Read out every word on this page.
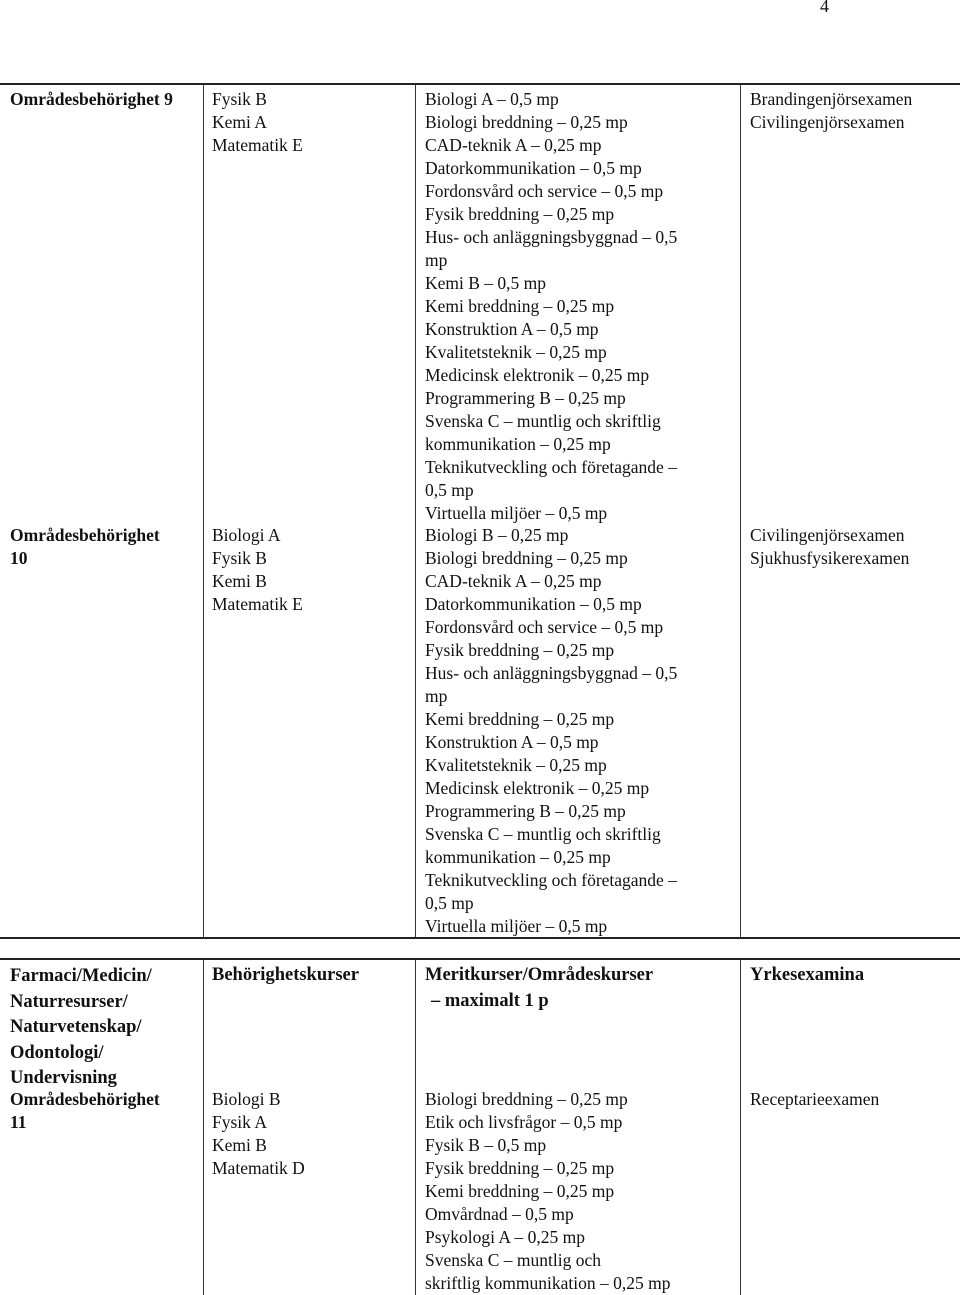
4
Områdesbehörighet 9	Fysik B
Kemi A
Matematik E
Biologi A – 0,5 mp
Biologi breddning – 0,25 mp
CAD-teknik A – 0,25 mp
Datorkommunikation – 0,5 mp
Fordonsvård och service – 0,5 mp
Fysik breddning – 0,25 mp
Hus- och anläggningsbyggnad – 0,5
mp
Kemi B – 0,5 mp
Kemi breddning – 0,25 mp
Konstruktion A – 0,5 mp
Kvalitetsteknik – 0,25 mp
Medicinsk elektronik – 0,25 mp
Programmering B – 0,25 mp
Svenska C – muntlig och skriftlig
kommunikation – 0,25 mp
Teknikutveckling och företagande –
0,5 mp
Virtuella miljöer – 0,5 mp
Brandingenjörsexamen
Civilingenjörsexamen
Områdesbehörighet
10
Biologi A
Fysik B
Kemi B
Matematik E
Biologi B – 0,25 mp
Biologi breddning – 0,25 mp
CAD-teknik A – 0,25 mp
Datorkommunikation – 0,5 mp
Fordonsvård och service – 0,5 mp
Fysik breddning – 0,25 mp
Hus- och anläggningsbyggnad – 0,5
mp
Kemi breddning – 0,25 mp
Konstruktion A – 0,5 mp
Kvalitetsteknik – 0,25 mp
Medicinsk elektronik – 0,25 mp
Programmering B – 0,25 mp
Svenska C – muntlig och skriftlig
kommunikation – 0,25 mp
Teknikutveckling och företagande –
0,5 mp
Virtuella miljöer – 0,5 mp
Civilingenjörsexamen
Sjukhusfysikerexamen
Farmaci/Medicin/
Naturresurser/
Naturvetenskap/
Odontologi/
Undervisning
Behörighetskurser	Meritkurser/Områdeskurser
– maximalt 1 p
Yrkesexamina
Områdesbehörighet
11
Biologi B
Fysik A
Kemi B
Matematik D
Biologi breddning – 0,25 mp
Etik och livsfrågor – 0,5 mp
Fysik B – 0,5 mp
Fysik breddning – 0,25 mp
Kemi breddning – 0,25 mp
Omvårdnad – 0,5 mp
Psykologi A – 0,25 mp
Svenska C – muntlig och
skriftlig kommunikation – 0,25 mp
Receptarieexamen
